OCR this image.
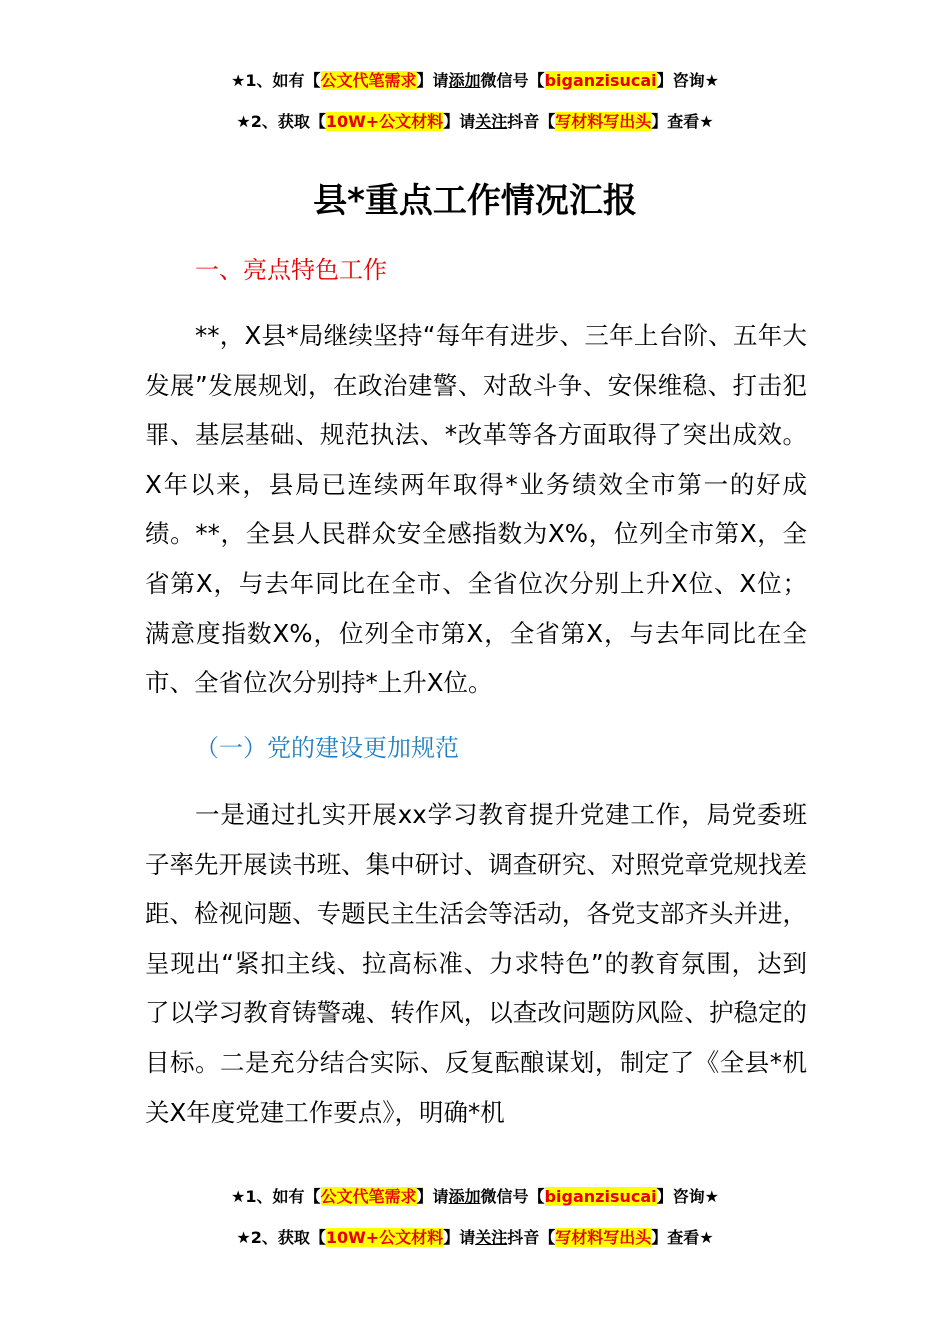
★1、如有【公文代笔需求】请添加微信号【biganzisucai】咨询★
★2、获取【10W+公文材料】请关注抖音【写材料写出头】查看★
县*重点工作情况汇报
一、亮点特色工作

**，X县*局继续坚持“每年有进步、三年上台阶、五年大发展”发展规划，在政治建警、对敌斗争、安保维稳、打击犯罪、基层基础、规范执法、*改革等各方面取得了突出成效。X年以来，县局已连续两年取得*业务绩效全市第一的好成绩。**，全县人民群众安全感指数为X%，位列全市第X，全省第X，与去年同比在全市、全省位次分别上升X位、X位；满意度指数X%，位列全市第X，全省第X，与去年同比在全市、全省位次分别持*上升X位。

（一）党的建设更加规范

一是通过扎实开展xx学习教育提升党建工作，局党委班子率先开展读书班、集中研讨、调查研究、对照党章党规找差距、检视问题、专题民主生活会等活动，各党支部齐头并进，呈现出“紧扣主线、拉高标准、力求特色”的教育氛围，达到了以学习教育铸警魂、转作风，以查改问题防风险、护稳定的目标。二是充分结合实际、反复酝酿谋划，制定了《全县*机关X年度党建工作要点》，明确*机

★1、如有【公文代笔需求】请添加微信号【biganzisucai】咨询★
★2、获取【10W+公文材料】请关注抖音【写材料写出头】查看★
